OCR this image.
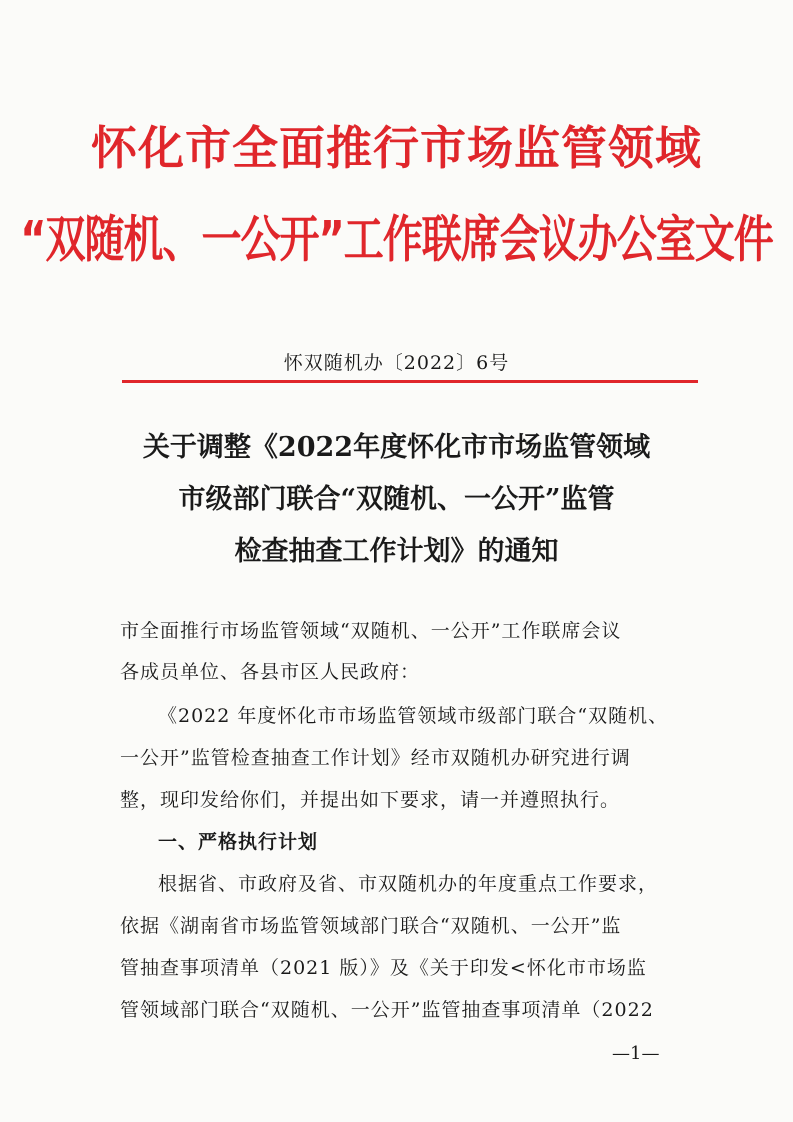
怀化市全面推行市场监管领域
“双随机、一公开”工作联席会议办公室文件
怀双随机办〔2022〕6号
关于调整《2022年度怀化市市场监管领域
市级部门联合“双随机、一公开”监管
检查抽查工作计划》的通知
市全面推行市场监管领域“双随机、一公开”工作联席会议
各成员单位、各县市区人民政府：
《2022 年度怀化市市场监管领域市级部门联合“双随机、
一公开”监管检查抽查工作计划》经市双随机办研究进行调
整，现印发给你们，并提出如下要求，请一并遵照执行。
一、严格执行计划
根据省、市政府及省、市双随机办的年度重点工作要求，
依据《湖南省市场监管领域部门联合“双随机、一公开”监
管抽查事项清单（2021 版）》及《关于印发<怀化市市场监
管领域部门联合“双随机、一公开”监管抽查事项清单（2022
—1—
